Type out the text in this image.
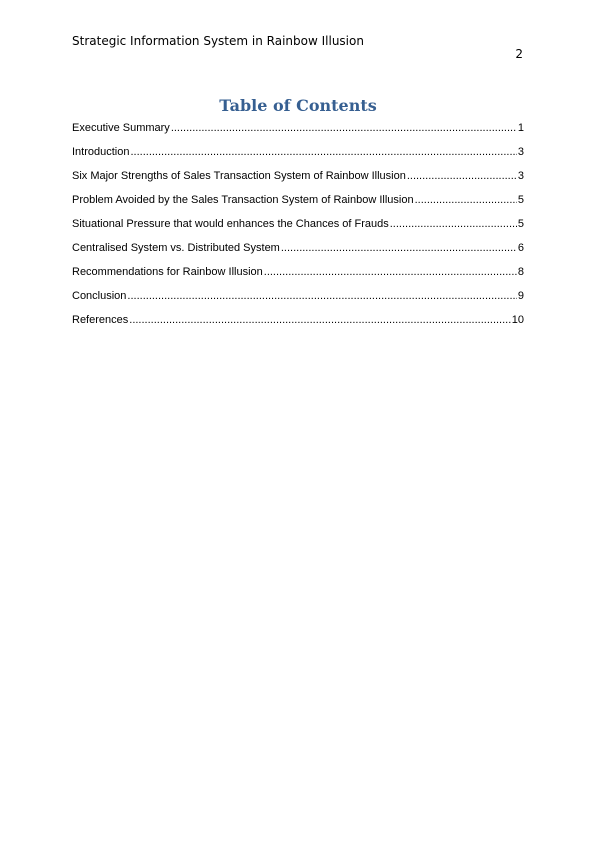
Strategic Information System in Rainbow Illusion
2
Table of Contents
Executive Summary .....	1
Introduction .....	3
Six Major Strengths of Sales Transaction System of Rainbow Illusion .....	3
Problem Avoided by the Sales Transaction System of Rainbow Illusion .....	5
Situational Pressure that would enhances the Chances of Frauds .....	5
Centralised System vs. Distributed System .....	6
Recommendations for Rainbow Illusion .....	8
Conclusion .....	9
References .....	10
